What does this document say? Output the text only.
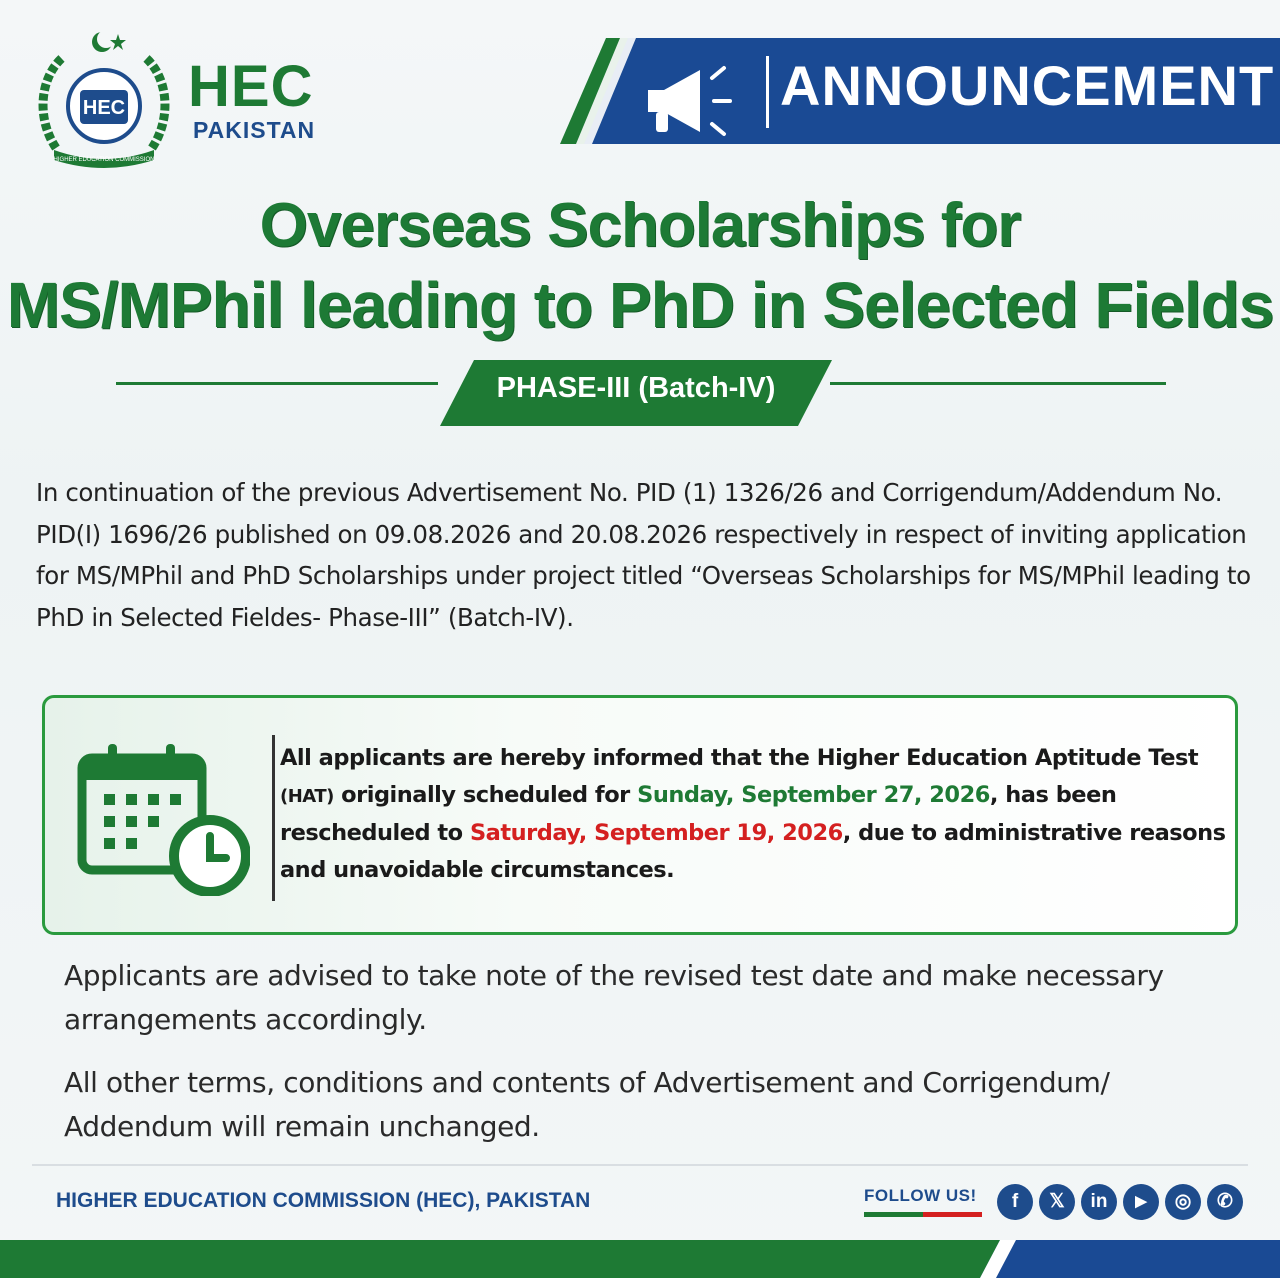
HEC
HIGHER EDUCATION COMMISSION
HEC
PAKISTAN
ANNOUNCEMENT
Overseas Scholarships for
MS/MPhil leading to PhD in Selected Fields
PHASE-III (Batch-IV)

In continuation of the previous Advertisement No. PID (1) 1326/26 and Corrigendum/Addendum No. PID(I) 1696/26 published on 09.08.2026 and 20.08.2026 respectively in respect of inviting application for MS/MPhil and PhD Scholarships under project titled “Overseas Scholarships for MS/MPhil leading to PhD in Selected Fieldes- Phase-III” (Batch-IV).

All applicants are hereby informed that the Higher Education Aptitude Test (HAT) originally scheduled for Sunday, September 27, 2026, has been rescheduled to Saturday, September 19, 2026, due to administrative reasons and unavoidable circumstances.

Applicants are advised to take note of the revised test date and make necessary arrangements accordingly.

All other terms, conditions and contents of Advertisement and Corrigendum/ Addendum will remain unchanged.

HIGHER EDUCATION COMMISSION (HEC), PAKISTAN	FOLLOW US!	f	𝕏	in	▶	◎	✆
